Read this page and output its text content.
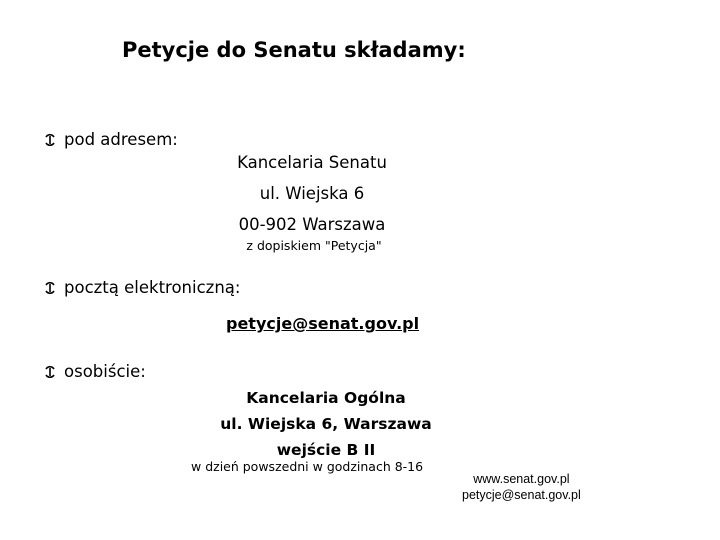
Petycje do Senatu składamy:
pod adresem:
Kancelaria Senatu
ul. Wiejska 6
00-902 Warszawa
z dopiskiem "Petycja"
pocztą elektroniczną:
petycje@senat.gov.pl
osobiście:
Kancelaria Ogólna
ul. Wiejska 6, Warszawa
wejście B II
w dzień powszedni w godzinach 8-16
www.senat.gov.pl
petycje@senat.gov.pl
